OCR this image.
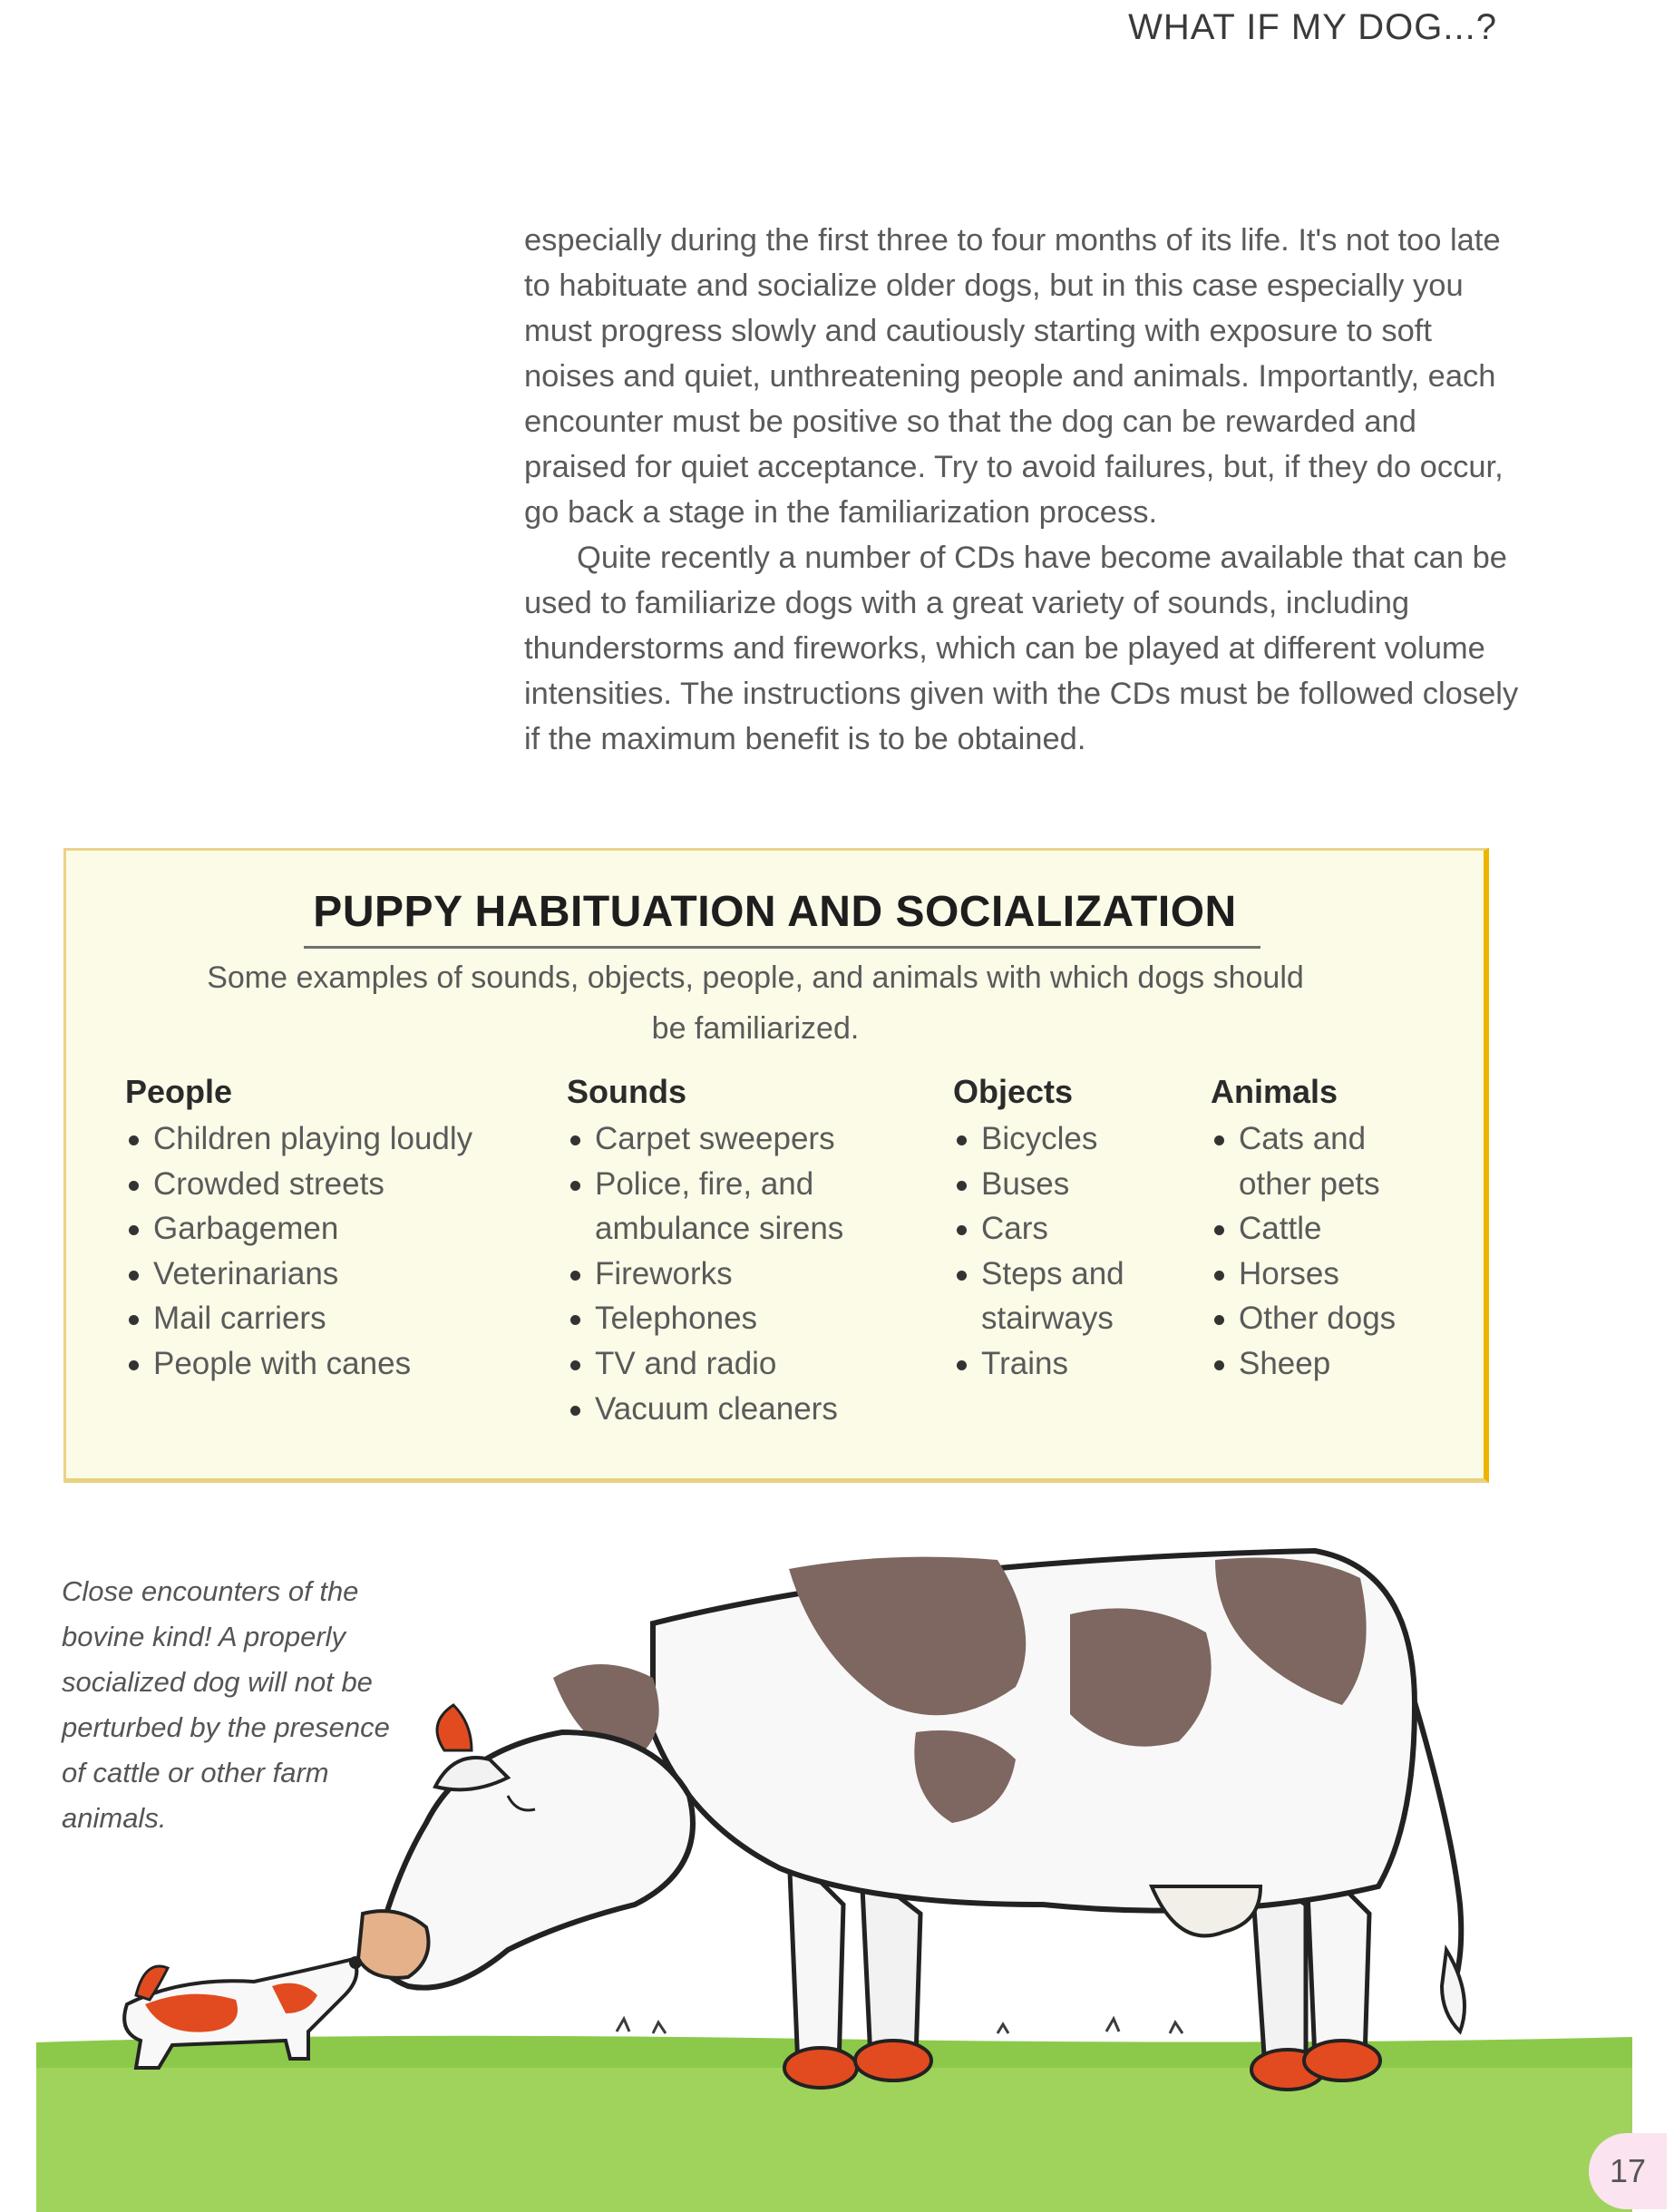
WHAT IF MY DOG...?

especially during the first three to four months of its life. It's not too late to habituate and socialize older dogs, but in this case especially you must progress slowly and cautiously starting with exposure to soft noises and quiet, unthreatening people and animals. Importantly, each encounter must be positive so that the dog can be rewarded and praised for quiet acceptance. Try to avoid failures, but, if they do occur, go back a stage in the familiarization process.

Quite recently a number of CDs have become available that can be used to familiarize dogs with a great variety of sounds, including thunderstorms and fireworks, which can be played at different volume intensities. The instructions given with the CDs must be followed closely if the maximum benefit is to be obtained.

PUPPY HABITUATION AND SOCIALIZATION
Some examples of sounds, objects, people, and animals with which dogs should be familiarized.
People
Children playing loudly
Crowded streets
Garbagemen
Veterinarians
Mail carriers
People with canes
Sounds
Carpet sweepers
Police, fire, and ambulance sirens
Fireworks
Telephones
TV and radio
Vacuum cleaners
Objects
Bicycles
Buses
Cars
Steps and stairways
Trains
Animals
Cats and other pets
Cattle
Horses
Other dogs
Sheep
Close encounters of the bovine kind! A properly socialized dog will not be perturbed by the presence of cattle or other farm animals.
17
